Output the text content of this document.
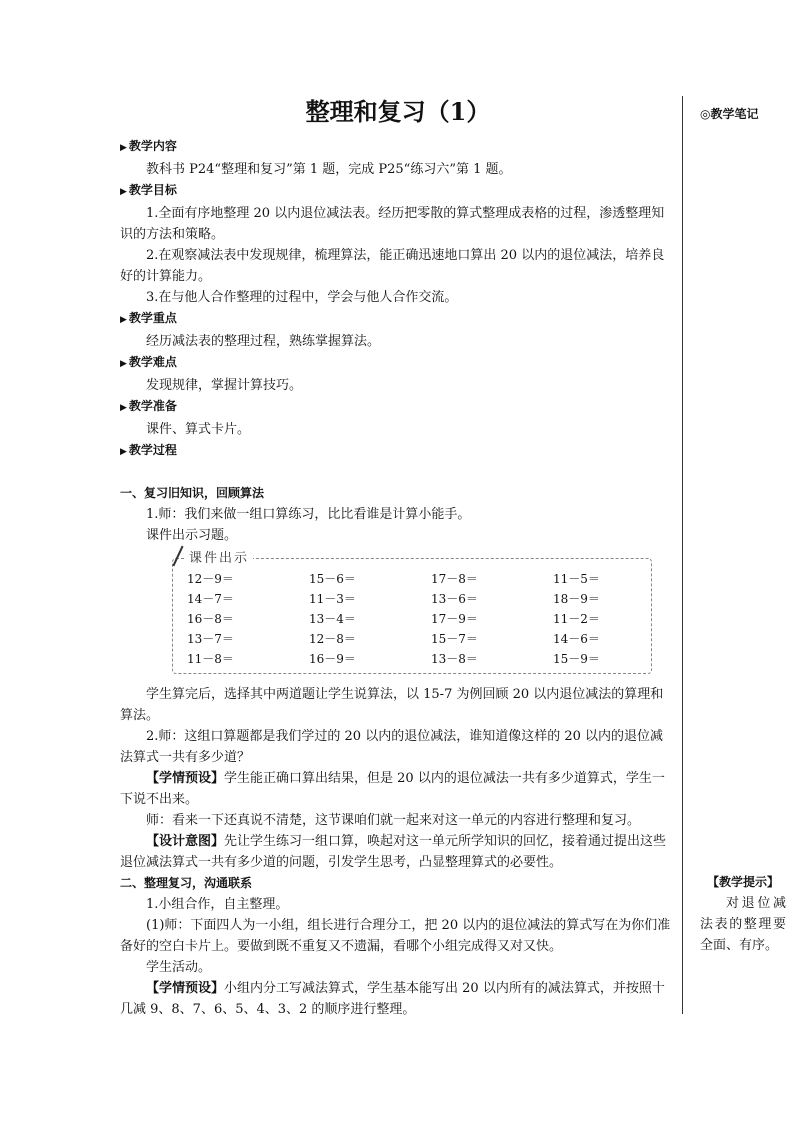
整理和复习（1）
▶ 教学内容

教科书 P24“整理和复习”第 1 题，完成 P25“练习六”第 1 题。

▶ 教学目标

1.全面有序地整理 20 以内退位减法表。经历把零散的算式整理成表格的过程，渗透整理知识的方法和策略。

2.在观察减法表中发现规律，梳理算法，能正确迅速地口算出 20 以内的退位减法，培养良好的计算能力。

3.在与他人合作整理的过程中，学会与他人合作交流。

▶ 教学重点

经历减法表的整理过程，熟练掌握算法。

▶ 教学难点

发现规律，掌握计算技巧。

▶ 教学准备

课件、算式卡片。

▶ 教学过程
一、复习旧知识，回顾算法

1.师：我们来做一组口算练习，比比看谁是计算小能手。

课件出示习题。

课件出示
12－9＝	15－6＝	17－8＝	11－5＝
14－7＝	11－3＝	13－6＝	18－9＝
16－8＝	13－4＝	17－9＝	11－2＝
13－7＝	12－8＝	15－7＝	14－6＝
11－8＝	16－9＝	13－8＝	15－9＝

学生算完后，选择其中两道题让学生说算法，以 15-7 为例回顾 20 以内退位减法的算理和算法。

2.师：这组口算题都是我们学过的 20 以内的退位减法，谁知道像这样的 20 以内的退位减法算式一共有多少道？

【学情预设】学生能正确口算出结果，但是 20 以内的退位减法一共有多少道算式，学生一下说不出来。

师：看来一下还真说不清楚，这节课咱们就一起来对这一单元的内容进行整理和复习。

【设计意图】先让学生练习一组口算，唤起对这一单元所学知识的回忆，接着通过提出这些退位减法算式一共有多少道的问题，引发学生思考，凸显整理算式的必要性。

二、整理复习，沟通联系

1.小组合作，自主整理。

(1)师：下面四人为一小组，组长进行合理分工，把 20 以内的退位减法的算式写在为你们准备好的空白卡片上。要做到既不重复又不遗漏，看哪个小组完成得又对又快。

学生活动。

【学情预设】小组内分工写减法算式，学生基本能写出 20 以内所有的减法算式，并按照十几减 9、8、7、6、5、4、3、2 的顺序进行整理。

◎教学笔记
【教学提示】
对退位减法表的整理要全面、有序。
